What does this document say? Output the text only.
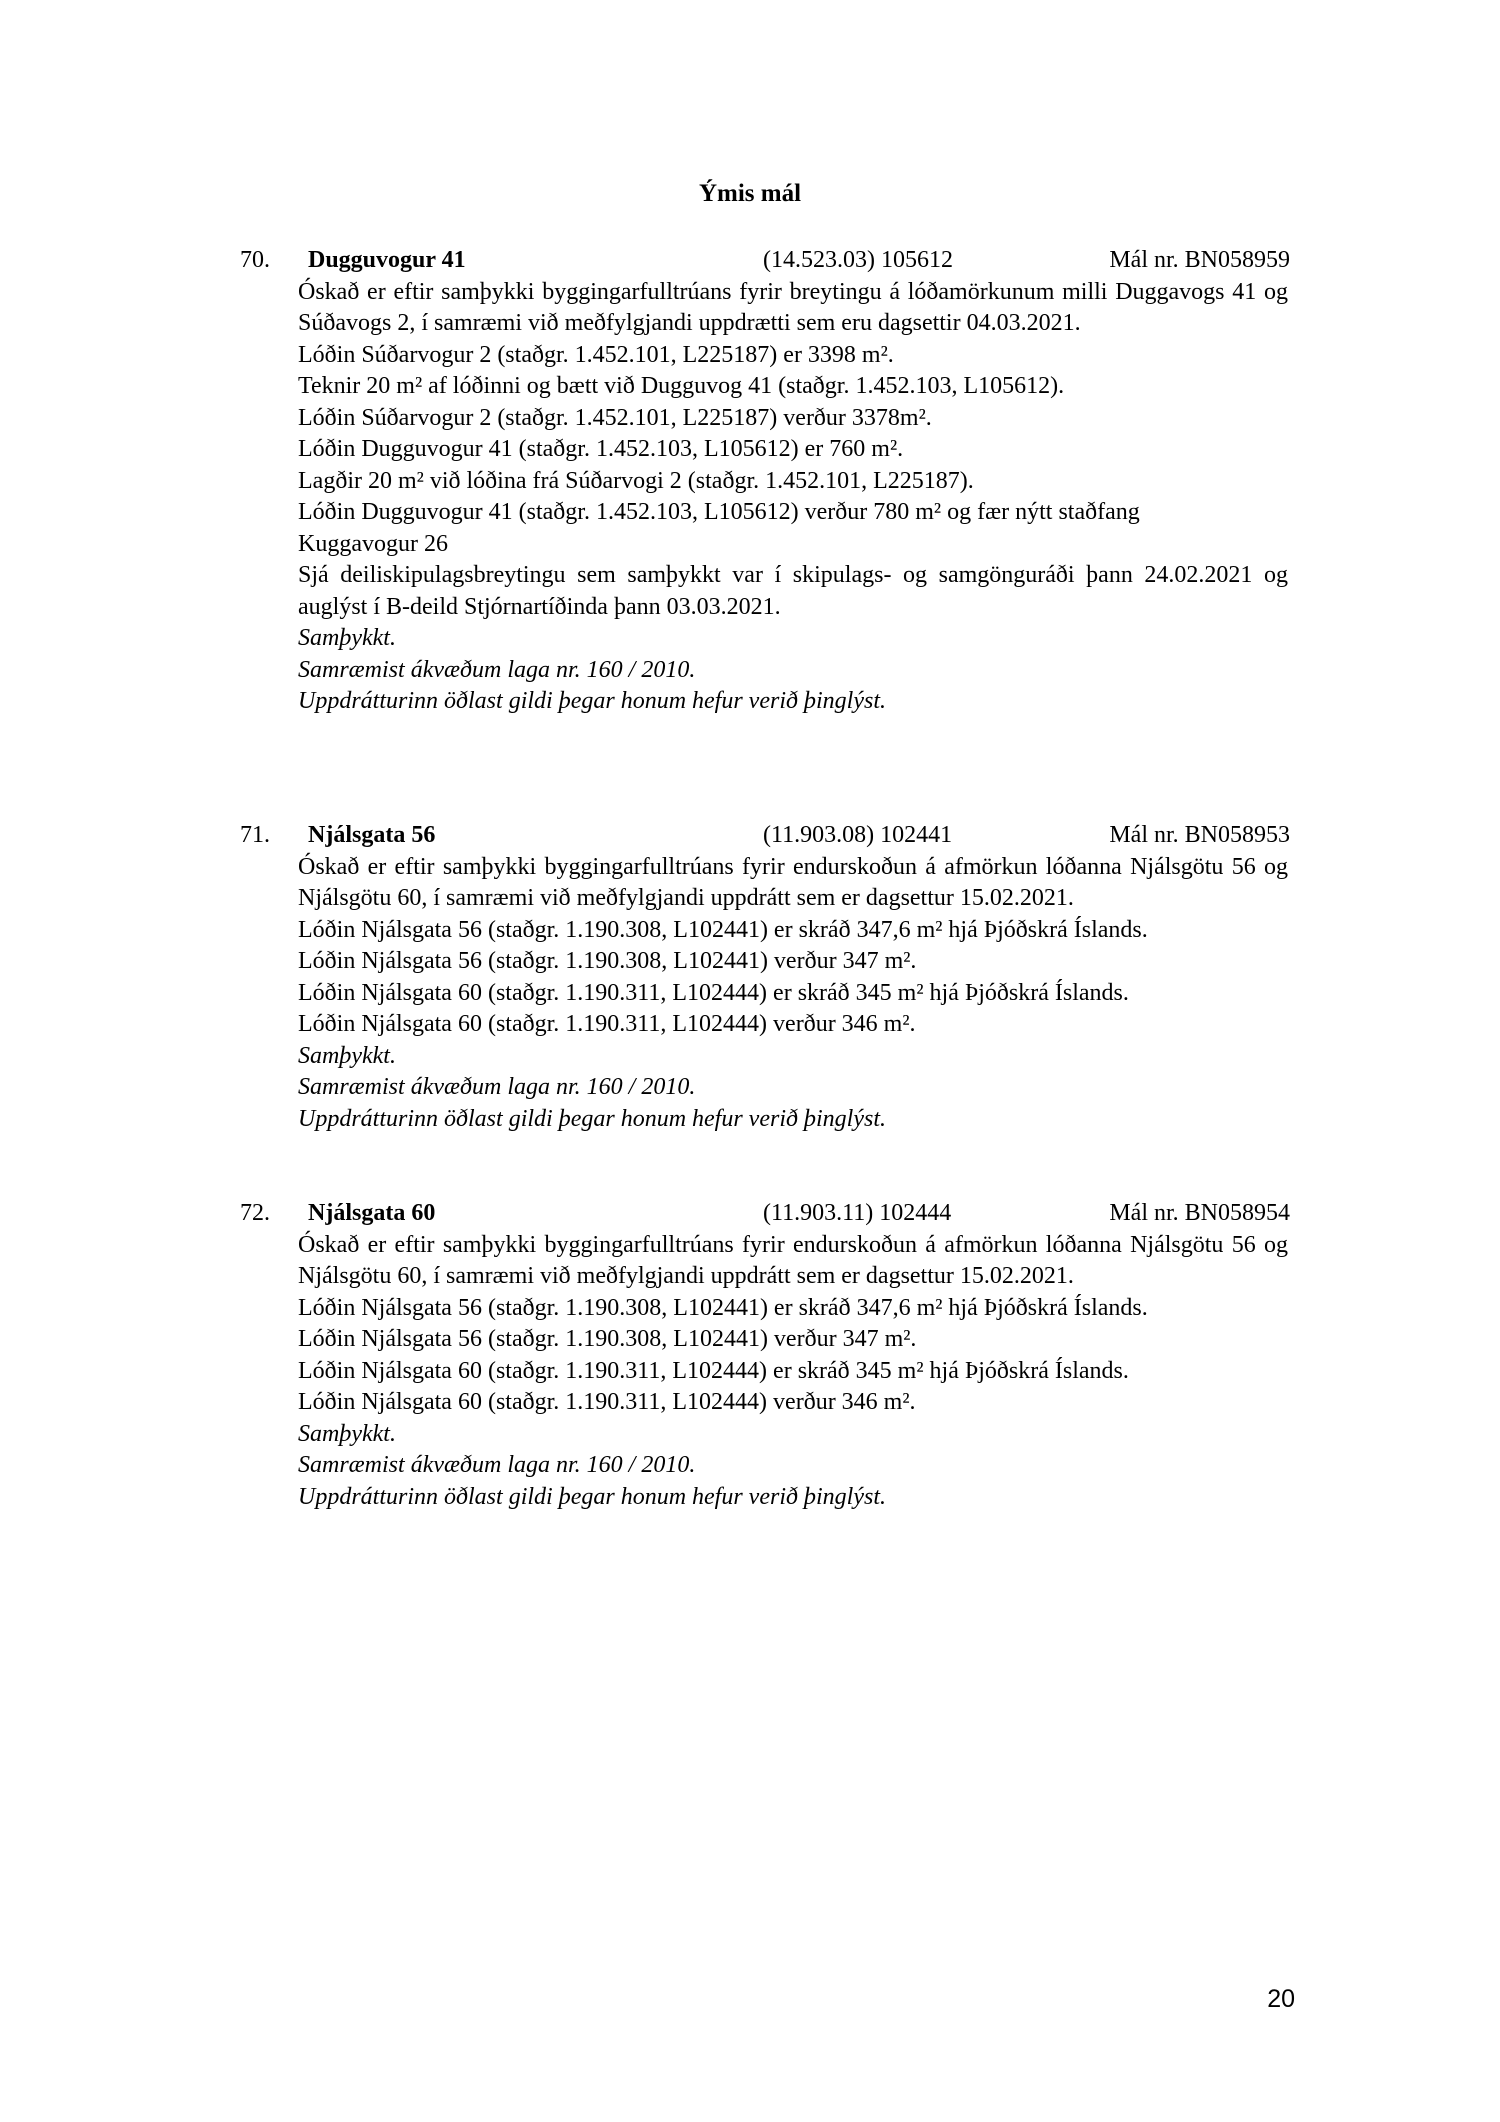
Ýmis mál
70. Dugguvogur 41	(14.523.03) 105612	Mál nr. BN058959

Óskað er eftir samþykki byggingarfulltrúans fyrir breytingu á lóðamörkunum milli Duggavogs 41 og Súðavogs 2, í samræmi við meðfylgjandi uppdrætti sem eru dagsettir 04.03.2021.

Lóðin Súðarvogur 2 (staðgr. 1.452.101, L225187) er 3398 m².

Teknir 20 m² af lóðinni og bætt við Dugguvog 41 (staðgr. 1.452.103, L105612).

Lóðin Súðarvogur 2 (staðgr. 1.452.101, L225187) verður 3378m².

Lóðin Dugguvogur 41 (staðgr. 1.452.103, L105612) er 760 m².

Lagðir 20 m² við lóðina frá Súðarvogi 2 (staðgr. 1.452.101, L225187).

Lóðin Dugguvogur 41 (staðgr. 1.452.103, L105612) verður 780 m² og fær nýtt staðfang

Kuggavogur 26

Sjá deiliskipulagsbreytingu sem samþykkt var í skipulags- og samgönguráði þann 24.02.2021 og auglýst í B-deild Stjórnartíðinda þann 03.03.2021.

Samþykkt.

Samræmist ákvæðum laga nr. 160 / 2010.

Uppdrátturinn öðlast gildi þegar honum hefur verið þinglýst.

71. Njálsgata 56	(11.903.08) 102441	Mál nr. BN058953

Óskað er eftir samþykki byggingarfulltrúans fyrir endurskoðun á afmörkun lóðanna Njálsgötu 56 og Njálsgötu 60, í samræmi við meðfylgjandi uppdrátt sem er dagsettur 15.02.2021.

Lóðin Njálsgata 56 (staðgr. 1.190.308, L102441) er skráð 347,6 m² hjá Þjóðskrá Íslands.

Lóðin Njálsgata 56 (staðgr. 1.190.308, L102441) verður 347 m².

Lóðin Njálsgata 60 (staðgr. 1.190.311, L102444) er skráð 345 m² hjá Þjóðskrá Íslands.

Lóðin Njálsgata 60 (staðgr. 1.190.311, L102444) verður 346 m².

Samþykkt.

Samræmist ákvæðum laga nr. 160 / 2010.

Uppdrátturinn öðlast gildi þegar honum hefur verið þinglýst.

72. Njálsgata 60	(11.903.11) 102444	Mál nr. BN058954

Óskað er eftir samþykki byggingarfulltrúans fyrir endurskoðun á afmörkun lóðanna Njálsgötu 56 og Njálsgötu 60, í samræmi við meðfylgjandi uppdrátt sem er dagsettur 15.02.2021.

Lóðin Njálsgata 56 (staðgr. 1.190.308, L102441) er skráð 347,6 m² hjá Þjóðskrá Íslands.

Lóðin Njálsgata 56 (staðgr. 1.190.308, L102441) verður 347 m².

Lóðin Njálsgata 60 (staðgr. 1.190.311, L102444) er skráð 345 m² hjá Þjóðskrá Íslands.

Lóðin Njálsgata 60 (staðgr. 1.190.311, L102444) verður 346 m².

Samþykkt.

Samræmist ákvæðum laga nr. 160 / 2010.

Uppdrátturinn öðlast gildi þegar honum hefur verið þinglýst.

20
